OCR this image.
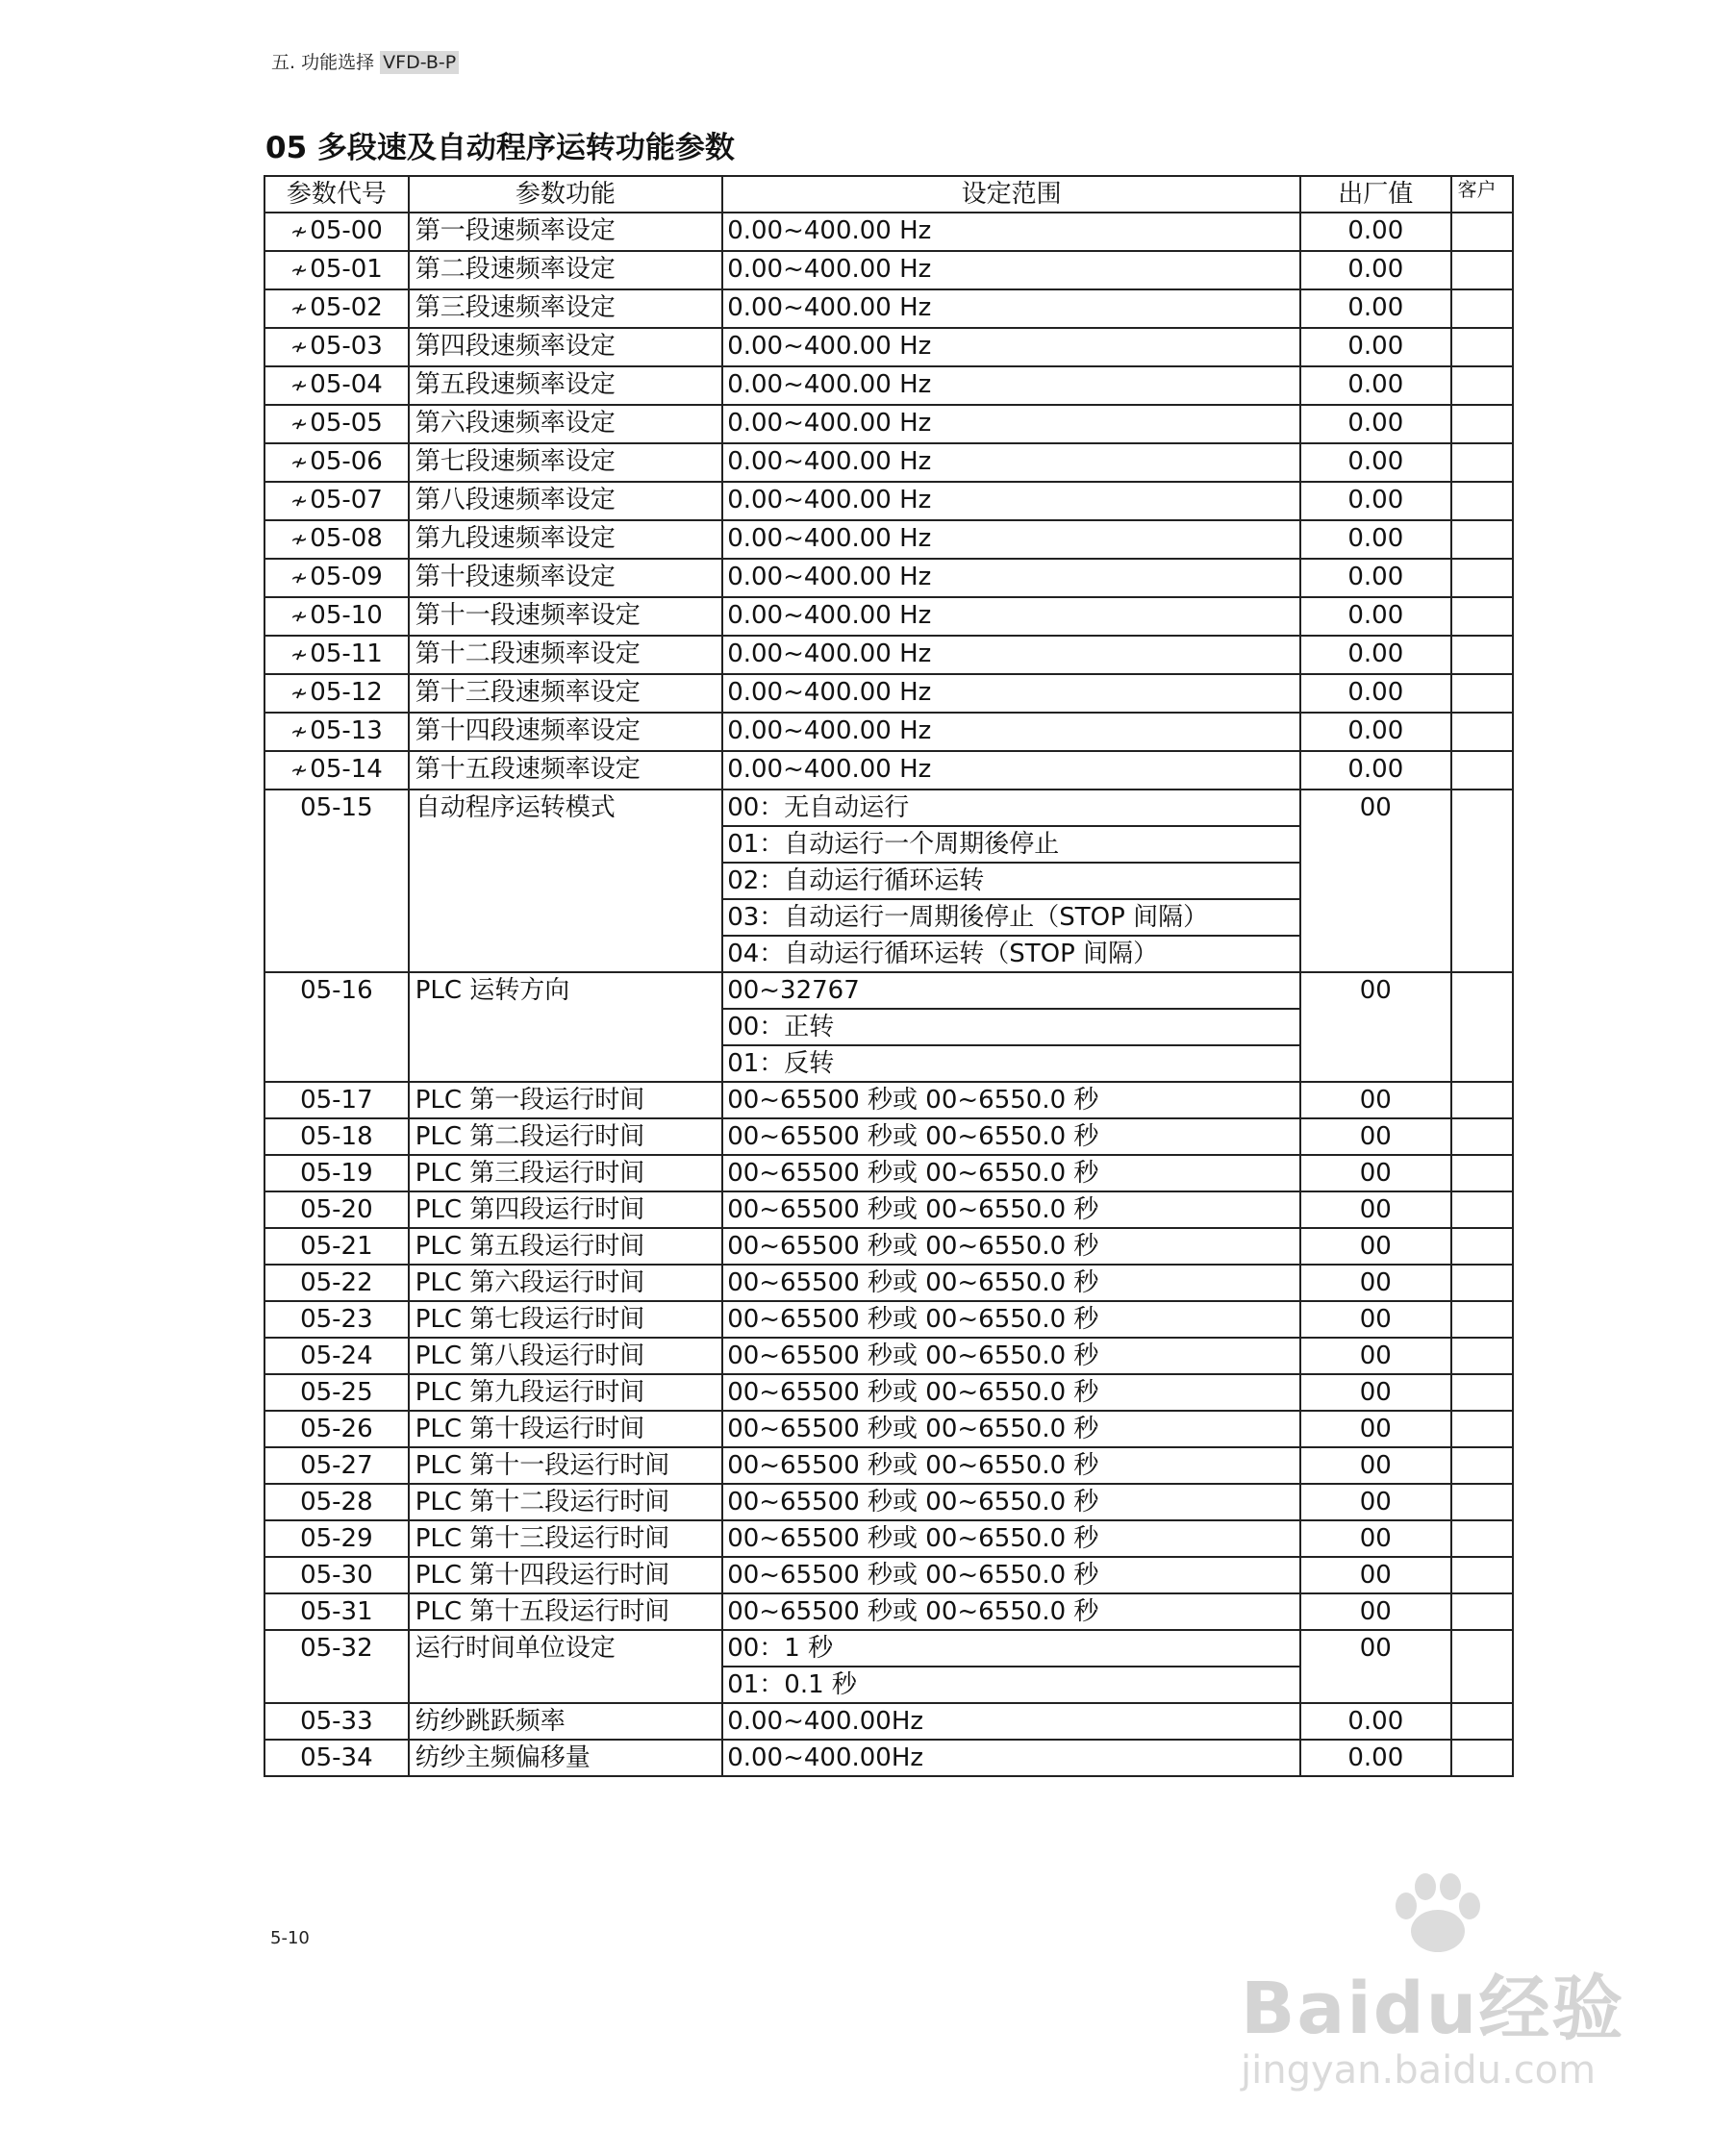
五. 功能选择 VFD-B-P
05 多段速及自动程序运转功能参数
参数代号	参数功能	设定范围	出厂值	客户
≁05-00	第一段速频率设定	0.00~400.00 Hz	0.00	
≁05-01	第二段速频率设定	0.00~400.00 Hz	0.00	
≁05-02	第三段速频率设定	0.00~400.00 Hz	0.00	
≁05-03	第四段速频率设定	0.00~400.00 Hz	0.00	
≁05-04	第五段速频率设定	0.00~400.00 Hz	0.00	
≁05-05	第六段速频率设定	0.00~400.00 Hz	0.00	
≁05-06	第七段速频率设定	0.00~400.00 Hz	0.00	
≁05-07	第八段速频率设定	0.00~400.00 Hz	0.00	
≁05-08	第九段速频率设定	0.00~400.00 Hz	0.00	
≁05-09	第十段速频率设定	0.00~400.00 Hz	0.00	
≁05-10	第十一段速频率设定	0.00~400.00 Hz	0.00	
≁05-11	第十二段速频率设定	0.00~400.00 Hz	0.00	
≁05-12	第十三段速频率设定	0.00~400.00 Hz	0.00	
≁05-13	第十四段速频率设定	0.00~400.00 Hz	0.00	
≁05-14	第十五段速频率设定	0.00~400.00 Hz	0.00	
05-15	自动程序运转模式	00：无自动运行
01：自动运行一个周期後停止
02：自动运行循环运转
03：自动运行一周期後停止（STOP 间隔）
04：自动运行循环运转（STOP 间隔）	00	
05-16	PLC 运转方向	00~32767
00：正转
01：反转	00	
05-17	PLC 第一段运行时间	00~65500 秒或 00~6550.0 秒	00	
05-18	PLC 第二段运行时间	00~65500 秒或 00~6550.0 秒	00	
05-19	PLC 第三段运行时间	00~65500 秒或 00~6550.0 秒	00	
05-20	PLC 第四段运行时间	00~65500 秒或 00~6550.0 秒	00	
05-21	PLC 第五段运行时间	00~65500 秒或 00~6550.0 秒	00	
05-22	PLC 第六段运行时间	00~65500 秒或 00~6550.0 秒	00	
05-23	PLC 第七段运行时间	00~65500 秒或 00~6550.0 秒	00	
05-24	PLC 第八段运行时间	00~65500 秒或 00~6550.0 秒	00	
05-25	PLC 第九段运行时间	00~65500 秒或 00~6550.0 秒	00	
05-26	PLC 第十段运行时间	00~65500 秒或 00~6550.0 秒	00	
05-27	PLC 第十一段运行时间	00~65500 秒或 00~6550.0 秒	00	
05-28	PLC 第十二段运行时间	00~65500 秒或 00~6550.0 秒	00	
05-29	PLC 第十三段运行时间	00~65500 秒或 00~6550.0 秒	00	
05-30	PLC 第十四段运行时间	00~65500 秒或 00~6550.0 秒	00	
05-31	PLC 第十五段运行时间	00~65500 秒或 00~6550.0 秒	00	
05-32	运行时间单位设定	00：1 秒
01：0.1 秒	00	
05-33	纺纱跳跃频率	0.00~400.00Hz	0.00	
05-34	纺纱主频偏移量	0.00~400.00Hz	0.00	
5-10
Baidu经验
jingyan.baidu.com
